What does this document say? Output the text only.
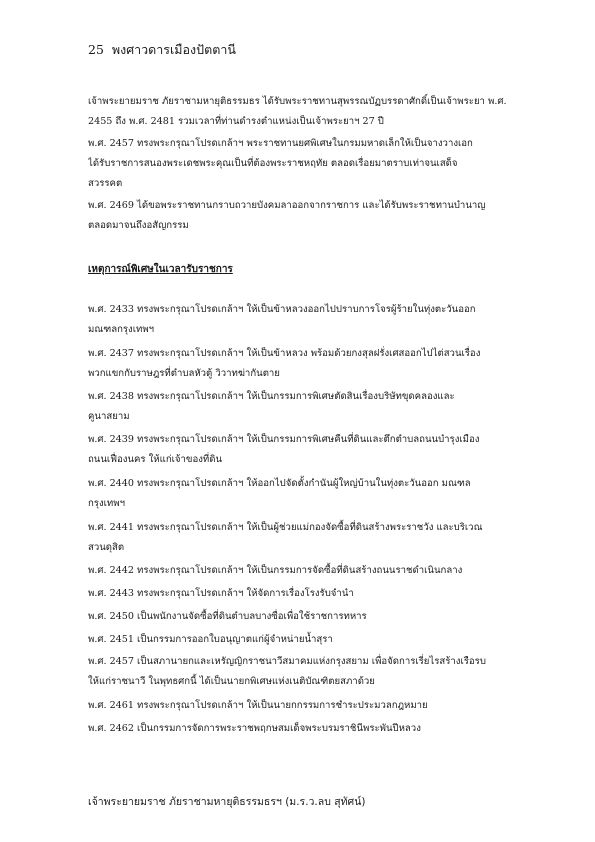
25 พงศาวดารเมืองปัตตานี
เจ้าพระยายมราช ภัยราชามหายุติธรรมธร ได้รับพระราชทานสุพรรณบัฏบรรดาศักดิ์เป็นเจ้าพระยา พ.ศ.
2455 ถึง พ.ศ. 2481 รวมเวลาที่ท่านดำรงตำแหน่งเป็นเจ้าพระยาฯ 27 ปี
พ.ศ. 2457 ทรงพระกรุณาโปรดเกล้าฯ พระราชทานยศพิเศษในกรมมหาดเล็กให้เป็นจางวางเอก
ได้รับราชการสนองพระเดชพระคุณเป็นที่ต้องพระราชหฤทัย ตลอดเรื่อยมาตราบเท่าจนเสด็จ
สวรรคต
พ.ศ. 2469 ได้ขอพระราชทานกราบถวายบังคมลาออกจากราชการ และได้รับพระราชทานบำนาญ
ตลอดมาจนถึงอสัญกรรม
เหตุการณ์พิเศษในเวลารับราชการ
พ.ศ. 2433 ทรงพระกรุณาโปรดเกล้าฯ ให้เป็นข้าหลวงออกไปปราบการโจรผู้ร้ายในทุ่งตะวันออก
มณฑลกรุงเทพฯ
พ.ศ. 2437 ทรงพระกรุณาโปรดเกล้าฯ ให้เป็นข้าหลวง พร้อมด้วยกงสุลฝรั่งเศสออกไปไต่สวนเรื่อง
พวกแขกกับราษฎรที่ตำบลหัวตู้ วิวาทฆ่ากันตาย
พ.ศ. 2438 ทรงพระกรุณาโปรดเกล้าฯ ให้เป็นกรรมการพิเศษตัดสินเรื่องบริษัทขุดคลองและ
คูนาสยาม
พ.ศ. 2439 ทรงพระกรุณาโปรดเกล้าฯ ให้เป็นกรรมการพิเศษคืนที่ดินและตึกตำบลถนนบำรุงเมือง
ถนนเฟื่องนคร ให้แก่เจ้าของที่ดิน
พ.ศ. 2440 ทรงพระกรุณาโปรดเกล้าฯ ให้ออกไปจัดตั้งกำนันผู้ใหญ่บ้านในทุ่งตะวันออก มณฑล
กรุงเทพฯ
พ.ศ. 2441 ทรงพระกรุณาโปรดเกล้าฯ ให้เป็นผู้ช่วยแม่กองจัดซื้อที่ดินสร้างพระราชวัง และบริเวณ
สวนดุสิต
พ.ศ. 2442 ทรงพระกรุณาโปรดเกล้าฯ ให้เป็นกรรมการจัดซื้อที่ดินสร้างถนนราชดำเนินกลาง
พ.ศ. 2443 ทรงพระกรุณาโปรดเกล้าฯ ให้จัดการเรื่องโรงรับจำนำ
พ.ศ. 2450 เป็นพนักงานจัดซื้อที่ดินตำบลบางซื่อเพื่อใช้ราชการทหาร
พ.ศ. 2451 เป็นกรรมการออกใบอนุญาตแก่ผู้จำหน่ายน้ำสุรา
พ.ศ. 2457 เป็นสภานายกและเหรัญญิกราชนาวีสมาคมแห่งกรุงสยาม เพื่อจัดการเรี่ยไรสร้างเรือรบ
ให้แก่ราชนาวี ในพุทธศกนี้ ได้เป็นนายกพิเศษแห่งเนติบัณฑิตยสภาด้วย
พ.ศ. 2461 ทรงพระกรุณาโปรดเกล้าฯ ให้เป็นนายกกรรมการชำระประมวลกฎหมาย
พ.ศ. 2462 เป็นกรรมการจัดการพระราชพฤกษสมเด็จพระบรมราชินีพระพันปีหลวง
เจ้าพระยายมราช ภัยราชามหายุติธรรมธรฯ (ม.ร.ว.ลบ สุทัศน์)
